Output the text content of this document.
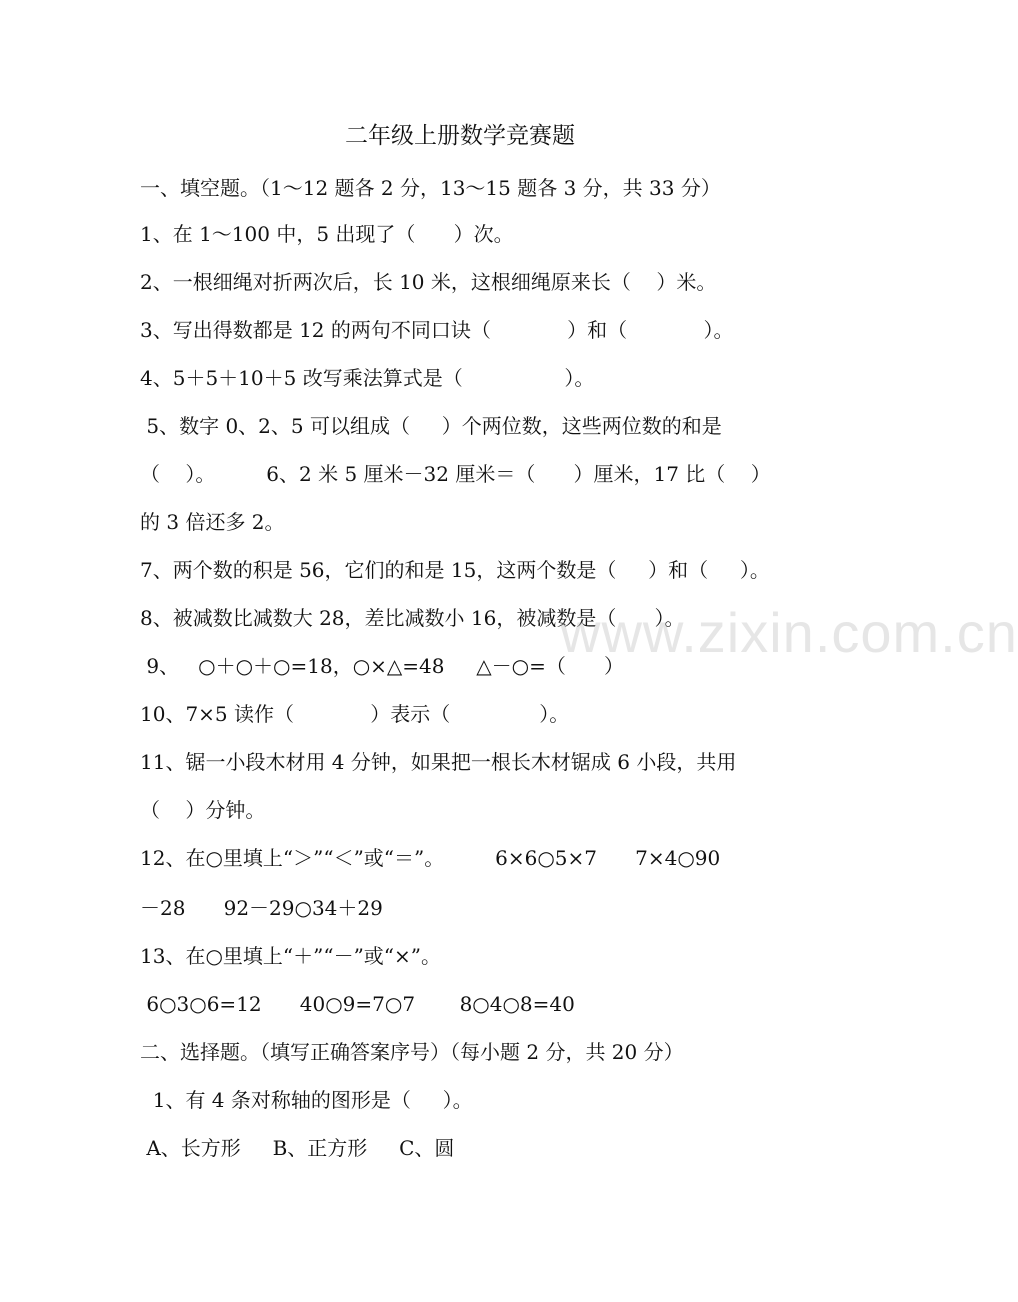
二年级上册数学竞赛题
一、填空题。（1～12 题各 2 分，13～15 题各 3 分，共 33 分）
1、在 1～100 中，5 出现了（      ）次。
2、一根细绳对折两次后，长 10 米，这根细绳原来长（    ）米。
3、写出得数都是 12 的两句不同口诀（            ）和（            ）。
4、5＋5＋10＋5 改写乘法算式是（                ）。
5、数字 0、2、5 可以组成（     ）个两位数，这些两位数的和是
（    ）。        6、2 米 5 厘米－32 厘米＝（      ）厘米，17 比（    ）
的 3 倍还多 2。
7、两个数的积是 56，它们的和是 15，这两个数是（     ）和（     ）。
8、被减数比减数大 28，差比减数小 16，被减数是（      ）。
9、   ○＋○＋○=18，○×△=48     △－○=（      ）
10、7×5 读作（            ）表示（              ）。
11、锯一小段木材用 4 分钟，如果把一根长木材锯成 6 小段，共用
（    ）分钟。
12、在○里填上“＞”“＜”或“＝”。        6×6○5×7      7×4○90
－28      92－29○34＋29
13、在○里填上“＋”“－”或“×”。
6○3○6=12      40○9=7○7       8○4○8=40
二、选择题。（填写正确答案序号）（每小题 2 分，共 20 分）
1、有 4 条对称轴的图形是（     ）。
A、长方形     B、正方形     C、圆
www.zixin.com.cn
